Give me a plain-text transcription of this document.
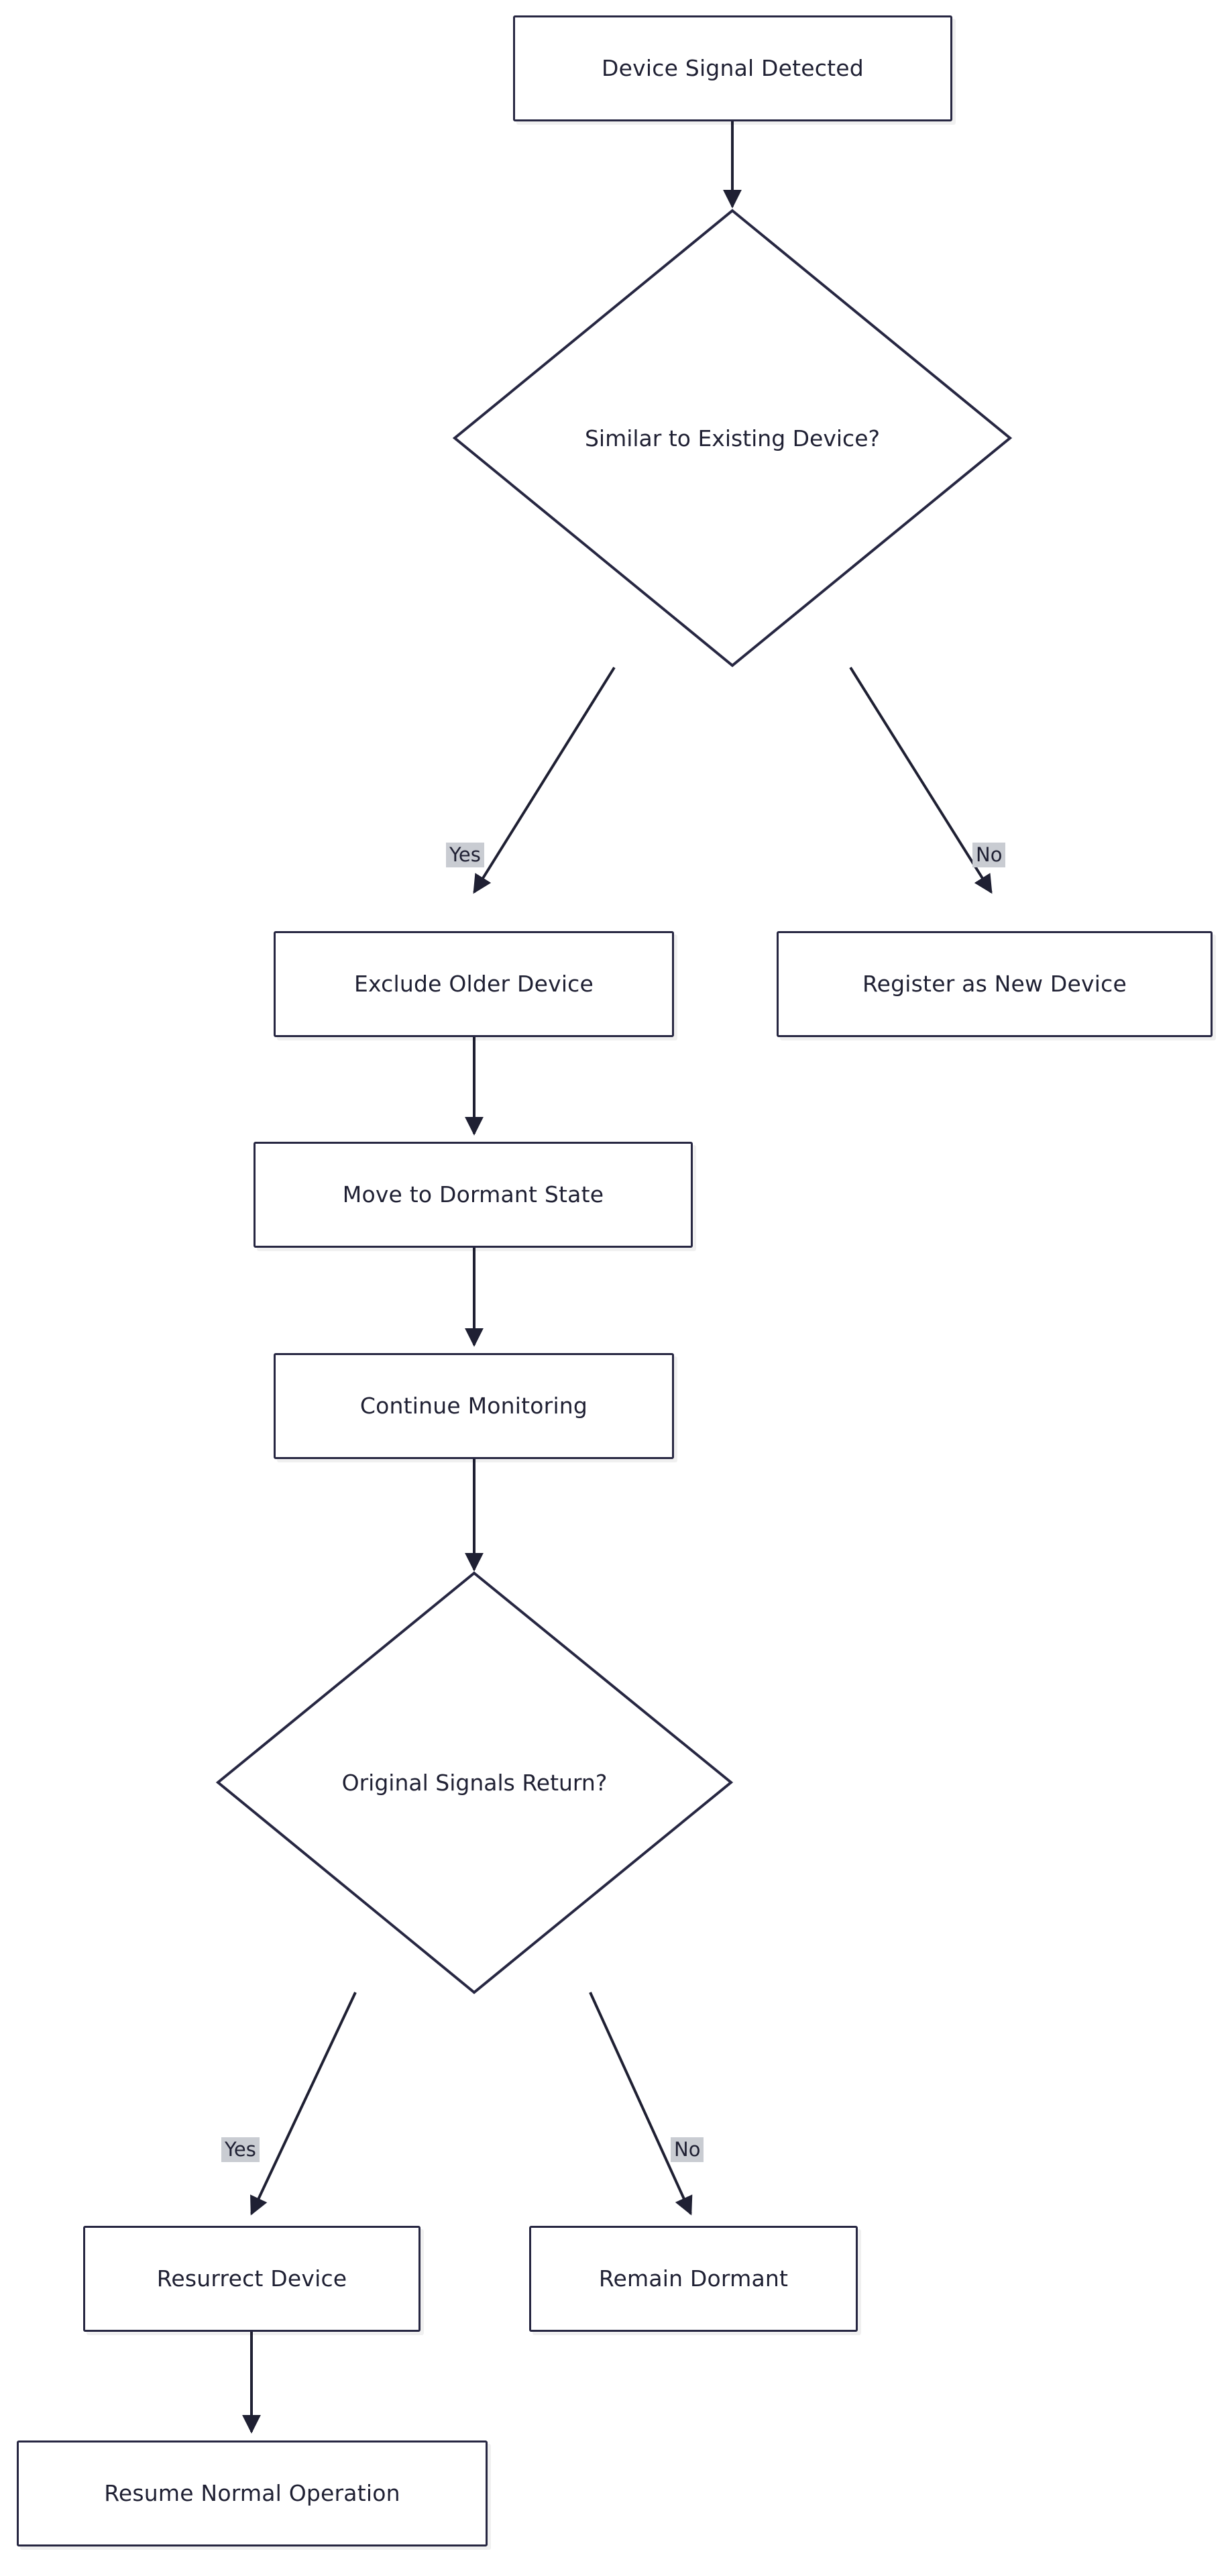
Device Signal Detected
Similar to Existing Device?
Yes	No
Exclude Older Device	Register as New Device
Move to Dormant State
Continue Monitoring
Original Signals Return?
Yes	No
Resurrect Device	Remain Dormant
Resume Normal Operation
